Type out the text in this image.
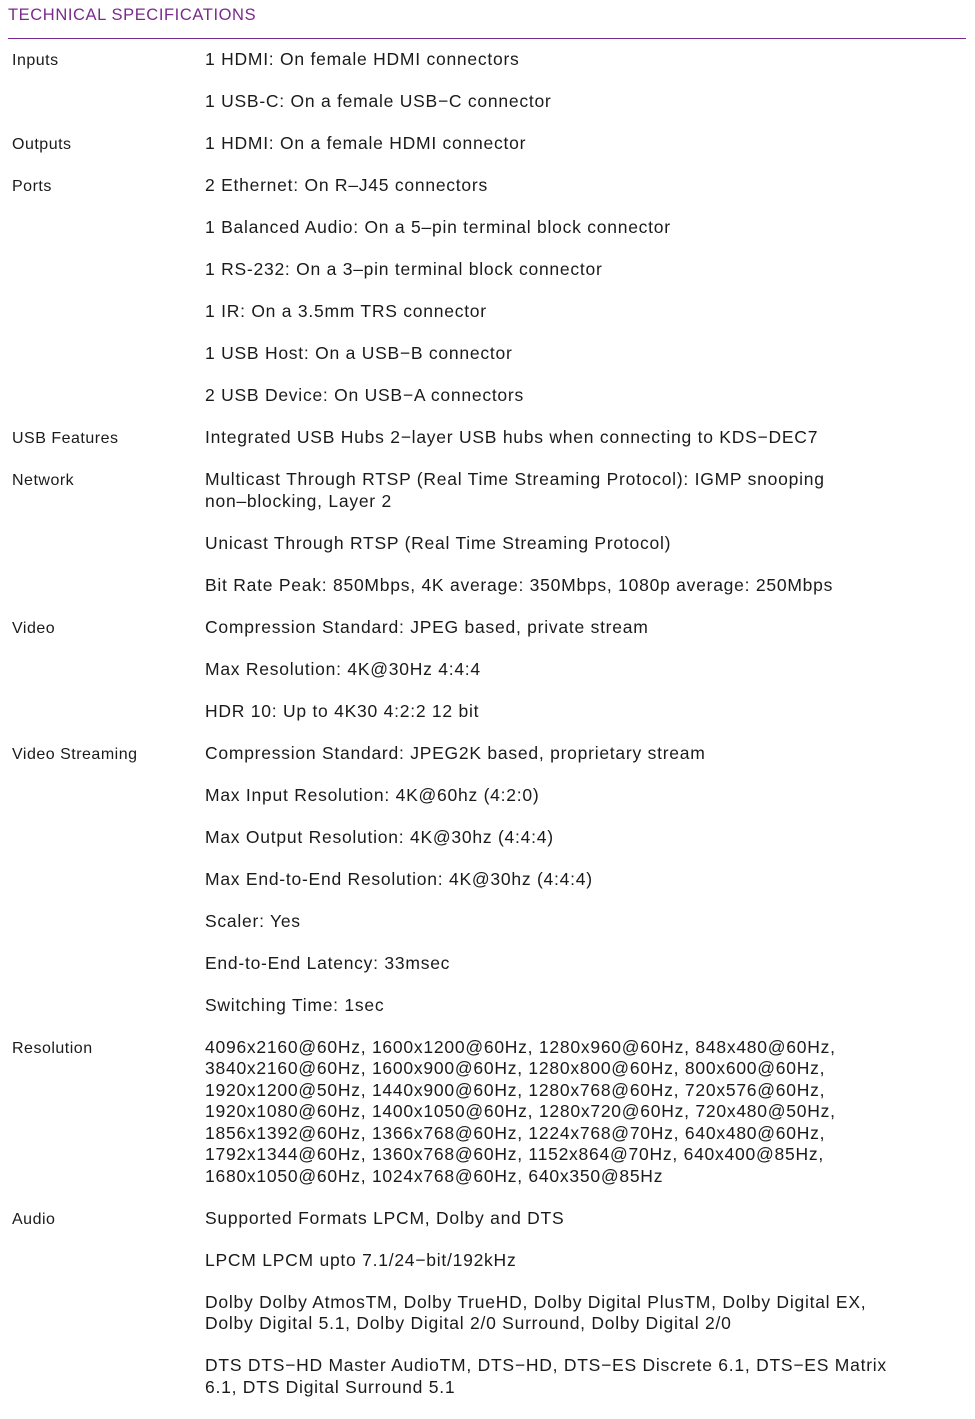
TECHNICAL SPECIFICATIONS
Inputs	1 HDMI: On female HDMI connectors
1 USB-C: On a female USB−C connector
Outputs	1 HDMI: On a female HDMI connector
Ports	2 Ethernet: On R–J45 connectors
1 Balanced Audio: On a 5–pin terminal block connector
1 RS-232: On a 3–pin terminal block connector
1 IR: On a 3.5mm TRS connector
1 USB Host: On a USB−B connector
2 USB Device: On USB−A connectors
USB Features	Integrated USB Hubs 2−layer USB hubs when connecting to KDS−DEC7
Network	Multicast Through RTSP (Real Time Streaming Protocol): IGMP snooping
non–blocking, Layer 2
Unicast Through RTSP (Real Time Streaming Protocol)
Bit Rate Peak: 850Mbps, 4K average: 350Mbps, 1080p average: 250Mbps
Video	Compression Standard: JPEG based, private stream
Max Resolution: 4K@30Hz 4:4:4
HDR 10: Up to 4K30 4:2:2 12 bit
Video Streaming	Compression Standard: JPEG2K based, proprietary stream
Max Input Resolution: 4K@60hz (4:2:0)
Max Output Resolution: 4K@30hz (4:4:4)
Max End-to-End Resolution: 4K@30hz (4:4:4)
Scaler: Yes
End-to-End Latency: 33msec
Switching Time: 1sec
Resolution	4096x2160@60Hz, 1600x1200@60Hz, 1280x960@60Hz, 848x480@60Hz,
3840x2160@60Hz, 1600x900@60Hz, 1280x800@60Hz, 800x600@60Hz,
1920x1200@50Hz, 1440x900@60Hz, 1280x768@60Hz, 720x576@60Hz,
1920x1080@60Hz, 1400x1050@60Hz, 1280x720@60Hz, 720x480@50Hz,
1856x1392@60Hz, 1366x768@60Hz, 1224x768@70Hz, 640x480@60Hz,
1792x1344@60Hz, 1360x768@60Hz, 1152x864@70Hz, 640x400@85Hz,
1680x1050@60Hz, 1024x768@60Hz, 640x350@85Hz
Audio	Supported Formats LPCM, Dolby and DTS
LPCM LPCM upto 7.1/24−bit/192kHz
Dolby Dolby AtmosTM, Dolby TrueHD, Dolby Digital PlusTM, Dolby Digital EX,
Dolby Digital 5.1, Dolby Digital 2/0 Surround, Dolby Digital 2/0
DTS DTS−HD Master AudioTM, DTS−HD, DTS−ES Discrete 6.1, DTS−ES Matrix
6.1, DTS Digital Surround 5.1
